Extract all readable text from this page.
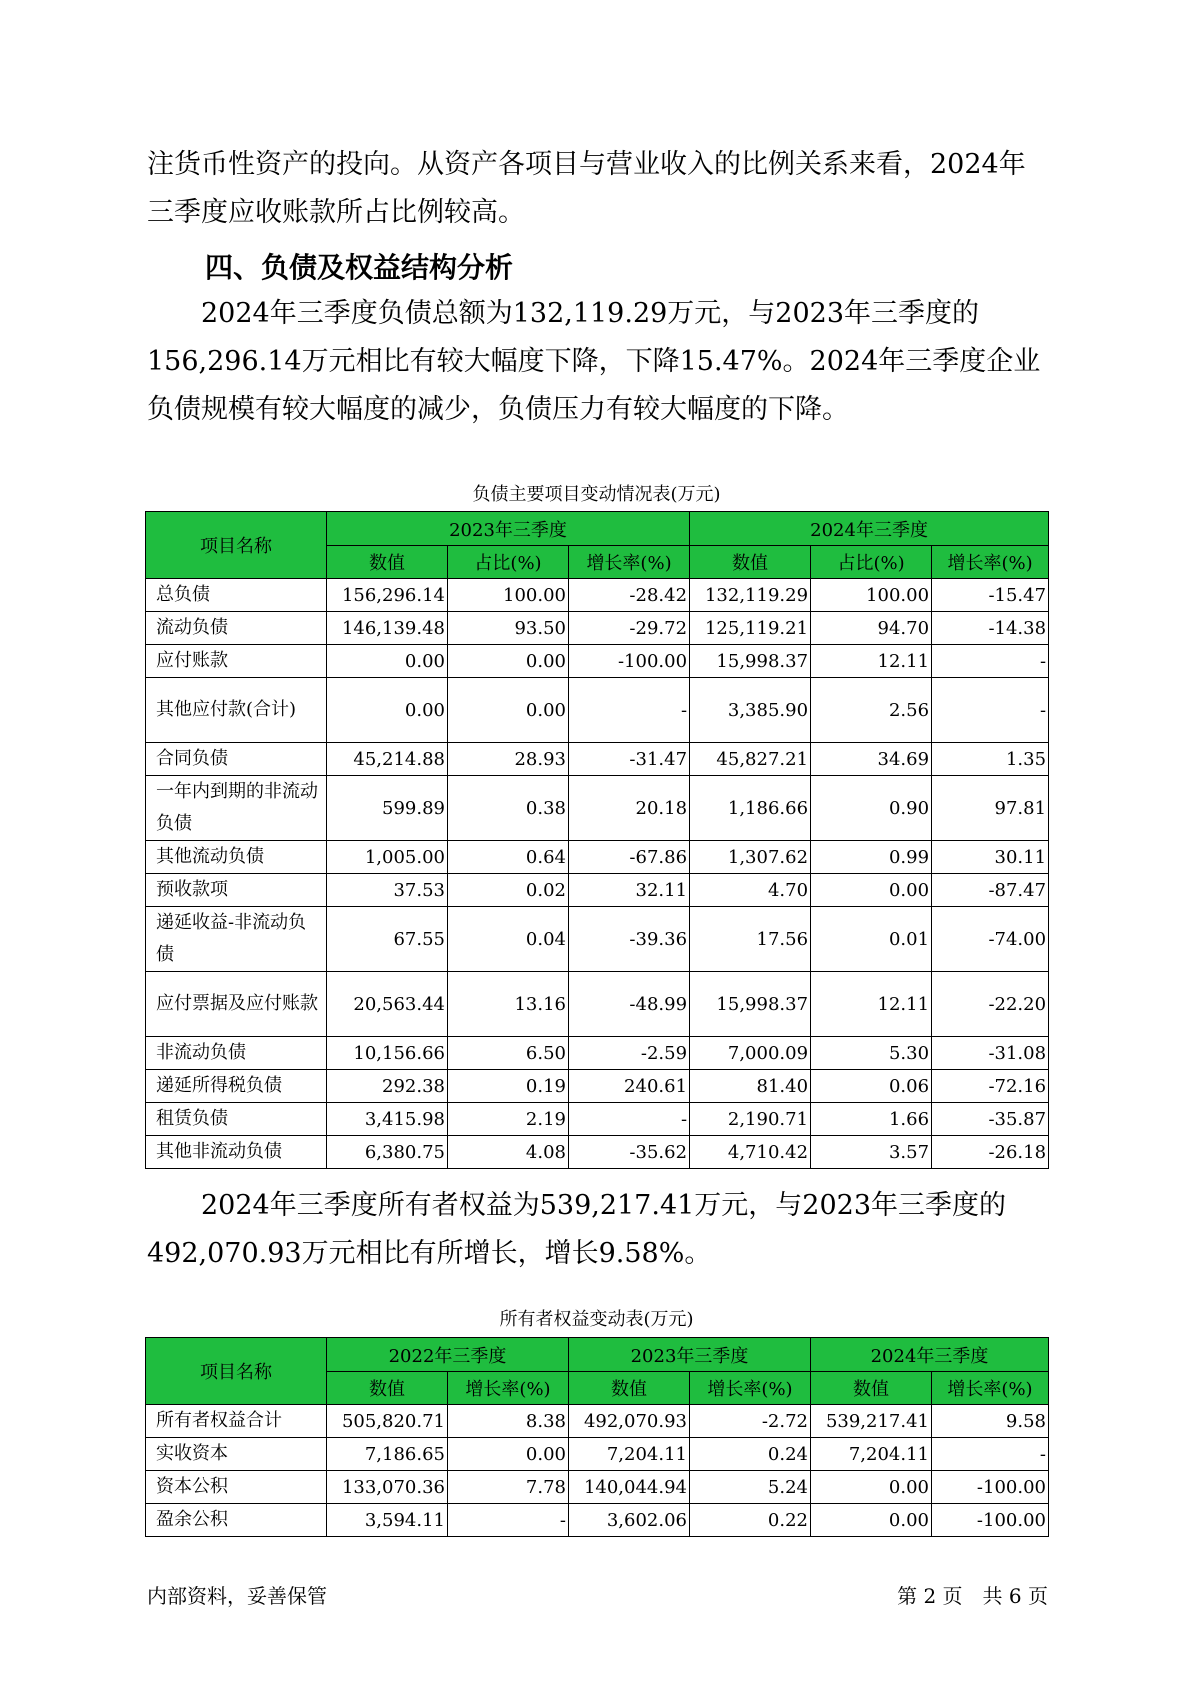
注货币性资产的投向。从资产各项目与营业收入的比例关系来看，2024年三季度应收账款所占比例较高。

四、负债及权益结构分析

2024年三季度负债总额为132,119.29万元，与2023年三季度的156,296.14万元相比有较大幅度下降，下降15.47%。2024年三季度企业负债规模有较大幅度的减少，负债压力有较大幅度的下降。

负债主要项目变动情况表(万元)

项目名称	2023年三季度			2024年三季度		
	数值	占比(%)	增长率(%)	数值	占比(%)	增长率(%)
总负债	156,296.14	100.00	-28.42	132,119.29	100.00	-15.47
流动负债	146,139.48	93.50	-29.72	125,119.21	94.70	-14.38
应付账款	0.00	0.00	-100.00	15,998.37	12.11	-
其他应付款(合计)	0.00	0.00	-	3,385.90	2.56	-
合同负债	45,214.88	28.93	-31.47	45,827.21	34.69	1.35
一年内到期的非流动负债	599.89	0.38	20.18	1,186.66	0.90	97.81
其他流动负债	1,005.00	0.64	-67.86	1,307.62	0.99	30.11
预收款项	37.53	0.02	32.11	4.70	0.00	-87.47
递延收益-非流动负债	67.55	0.04	-39.36	17.56	0.01	-74.00
应付票据及应付账款	20,563.44	13.16	-48.99	15,998.37	12.11	-22.20
非流动负债	10,156.66	6.50	-2.59	7,000.09	5.30	-31.08
递延所得税负债	292.38	0.19	240.61	81.40	0.06	-72.16
租赁负债	3,415.98	2.19	-	2,190.71	1.66	-35.87
其他非流动负债	6,380.75	4.08	-35.62	4,710.42	3.57	-26.18

2024年三季度所有者权益为539,217.41万元，与2023年三季度的492,070.93万元相比有所增长，增长9.58%。

所有者权益变动表(万元)

项目名称	2022年三季度		2023年三季度		2024年三季度	
	数值	增长率(%)	数值	增长率(%)	数值	增长率(%)
所有者权益合计	505,820.71	8.38	492,070.93	-2.72	539,217.41	9.58
实收资本	7,186.65	0.00	7,204.11	0.24	7,204.11	-
资本公积	133,070.36	7.78	140,044.94	5.24	0.00	-100.00
盈余公积	3,594.11	-	3,602.06	0.22	0.00	-100.00

内部资料，妥善保管	第 2 页　共 6 页
